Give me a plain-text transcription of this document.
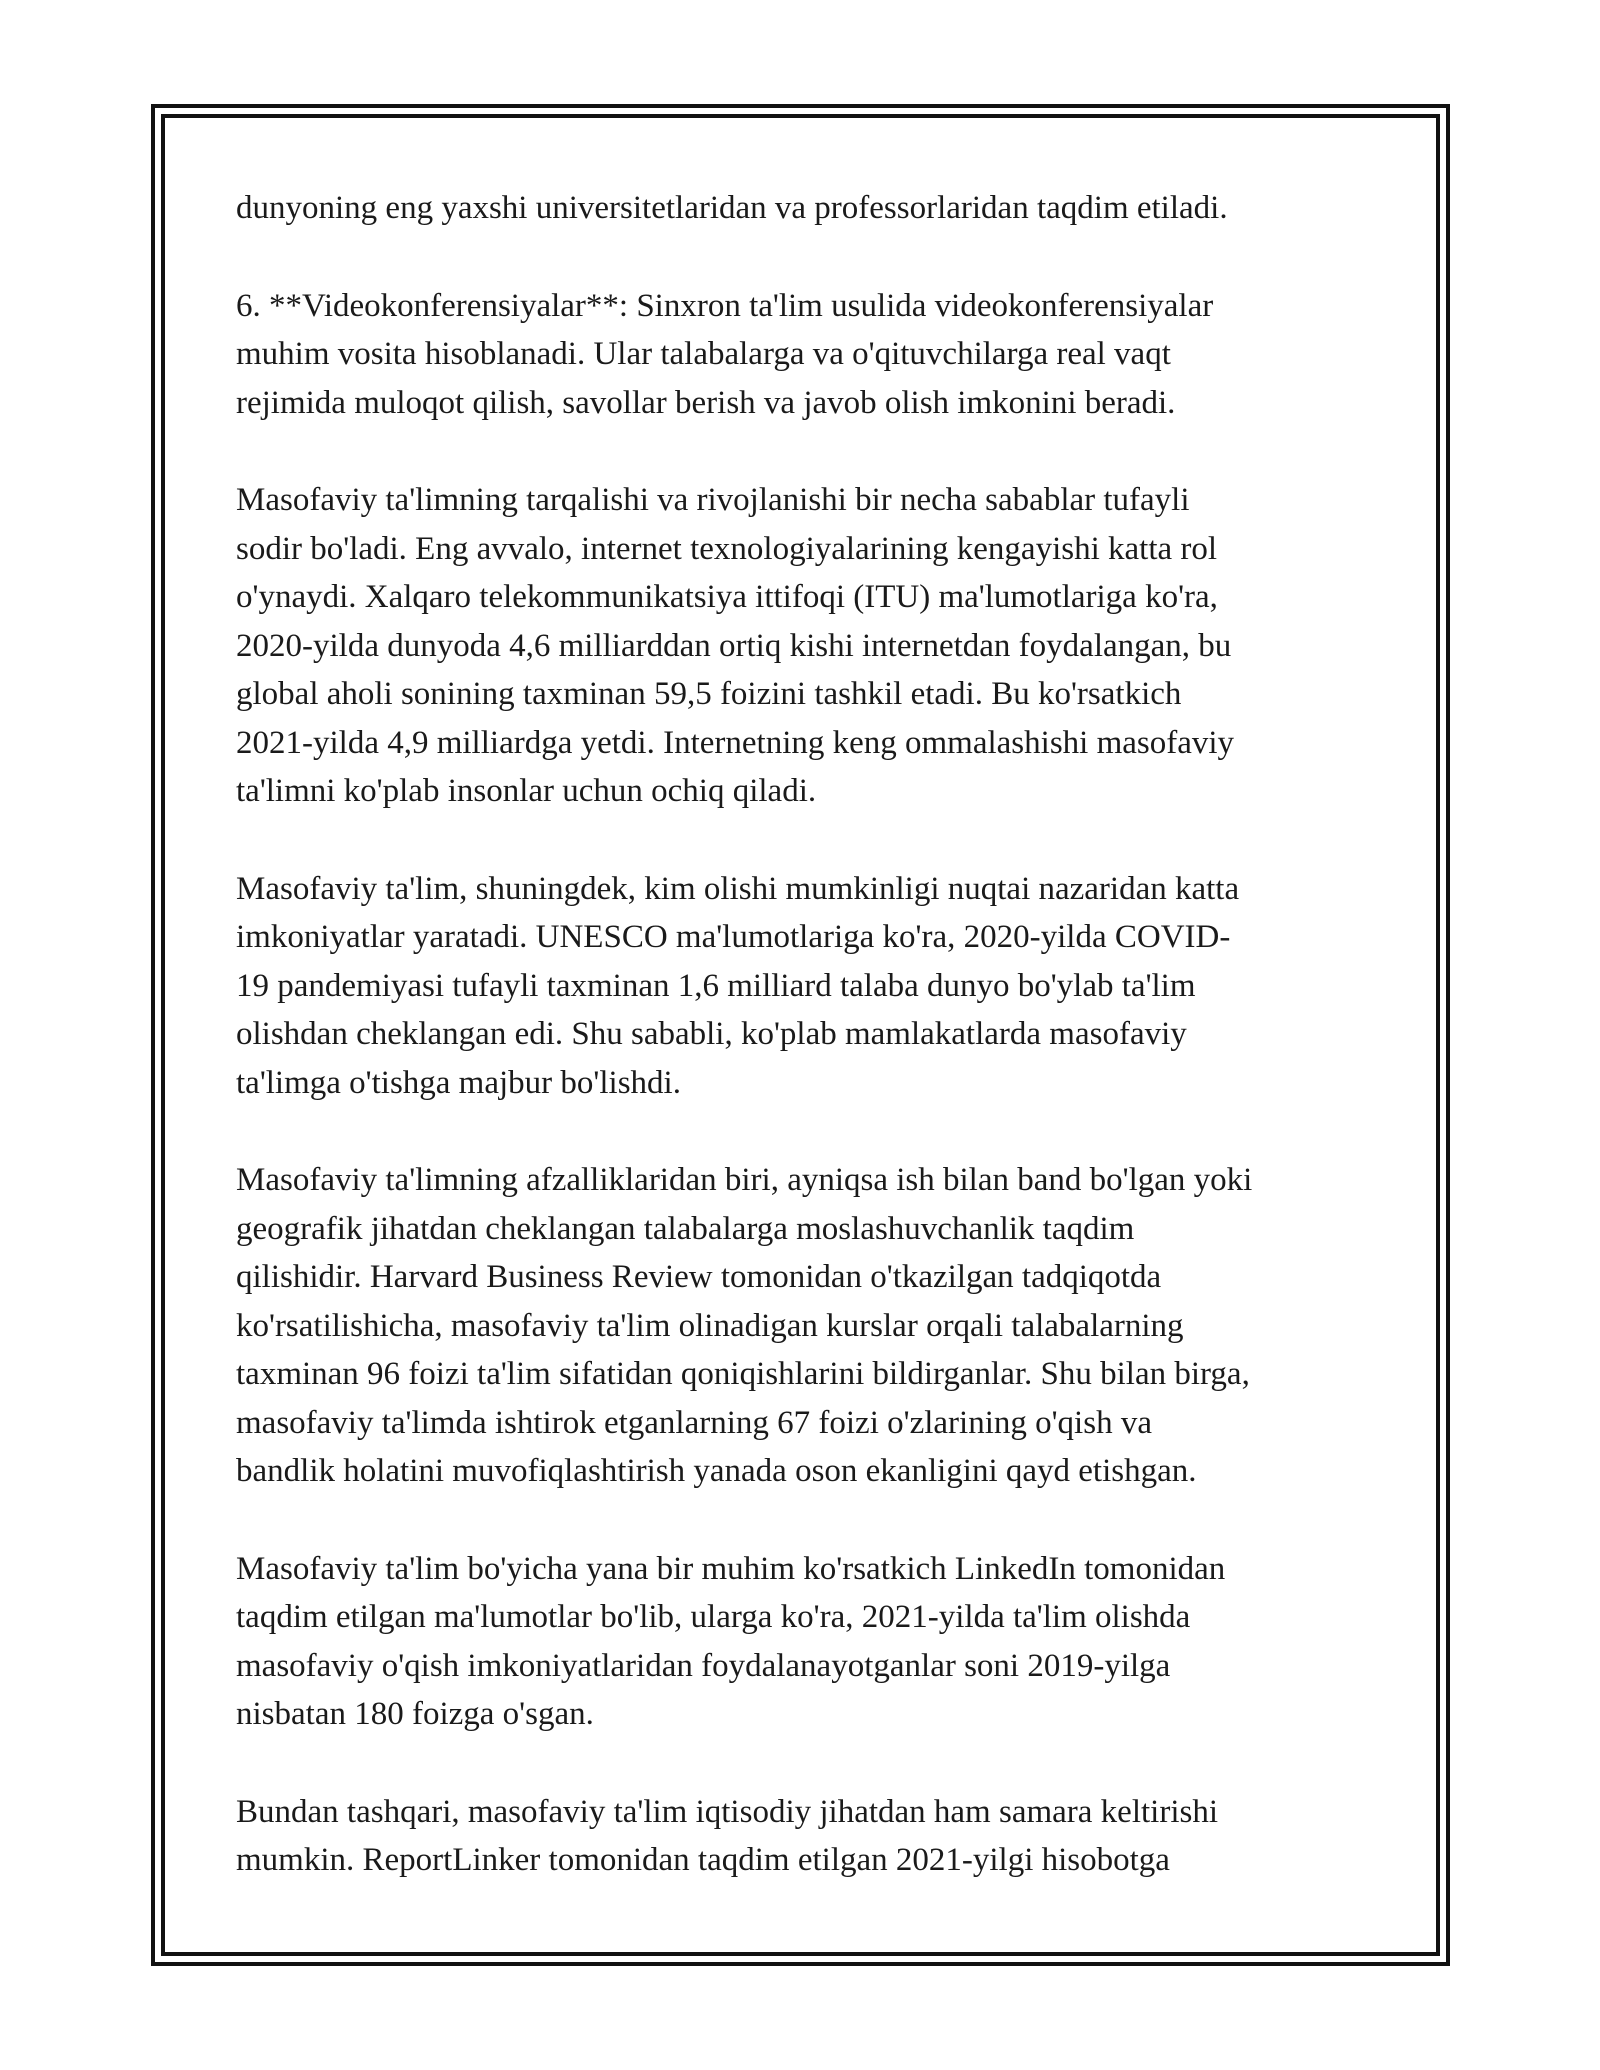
dunyoning eng yaxshi universitetlaridan va professorlaridan taqdim etiladi.

6. **Videokonferensiyalar**: Sinxron ta'lim usulida videokonferensiyalar
muhim vosita hisoblanadi. Ular talabalarga va o'qituvchilarga real vaqt
rejimida muloqot qilish, savollar berish va javob olish imkonini beradi.

Masofaviy ta'limning tarqalishi va rivojlanishi bir necha sabablar tufayli
sodir bo'ladi. Eng avvalo, internet texnologiyalarining kengayishi katta rol
o'ynaydi. Xalqaro telekommunikatsiya ittifoqi (ITU) ma'lumotlariga ko'ra,
2020-yilda dunyoda 4,6 milliarddan ortiq kishi internetdan foydalangan, bu
global aholi sonining taxminan 59,5 foizini tashkil etadi. Bu ko'rsatkich
2021-yilda 4,9 milliardga yetdi. Internetning keng ommalashishi masofaviy
ta'limni ko'plab insonlar uchun ochiq qiladi.

Masofaviy ta'lim, shuningdek, kim olishi mumkinligi nuqtai nazaridan katta
imkoniyatlar yaratadi. UNESCO ma'lumotlariga ko'ra, 2020-yilda COVID-
19 pandemiyasi tufayli taxminan 1,6 milliard talaba dunyo bo'ylab ta'lim
olishdan cheklangan edi. Shu sababli, ko'plab mamlakatlarda masofaviy
ta'limga o'tishga majbur bo'lishdi.

Masofaviy ta'limning afzalliklaridan biri, ayniqsa ish bilan band bo'lgan yoki
geografik jihatdan cheklangan talabalarga moslashuvchanlik taqdim
qilishidir. Harvard Business Review tomonidan o'tkazilgan tadqiqotda
ko'rsatilishicha, masofaviy ta'lim olinadigan kurslar orqali talabalarning
taxminan 96 foizi ta'lim sifatidan qoniqishlarini bildirganlar. Shu bilan birga,
masofaviy ta'limda ishtirok etganlarning 67 foizi o'zlarining o'qish va
bandlik holatini muvofiqlashtirish yanada oson ekanligini qayd etishgan.

Masofaviy ta'lim bo'yicha yana bir muhim ko'rsatkich LinkedIn tomonidan
taqdim etilgan ma'lumotlar bo'lib, ularga ko'ra, 2021-yilda ta'lim olishda
masofaviy o'qish imkoniyatlaridan foydalanayotganlar soni 2019-yilga
nisbatan 180 foizga o'sgan.

Bundan tashqari, masofaviy ta'lim iqtisodiy jihatdan ham samara keltirishi
mumkin. ReportLinker tomonidan taqdim etilgan 2021-yilgi hisobotga
